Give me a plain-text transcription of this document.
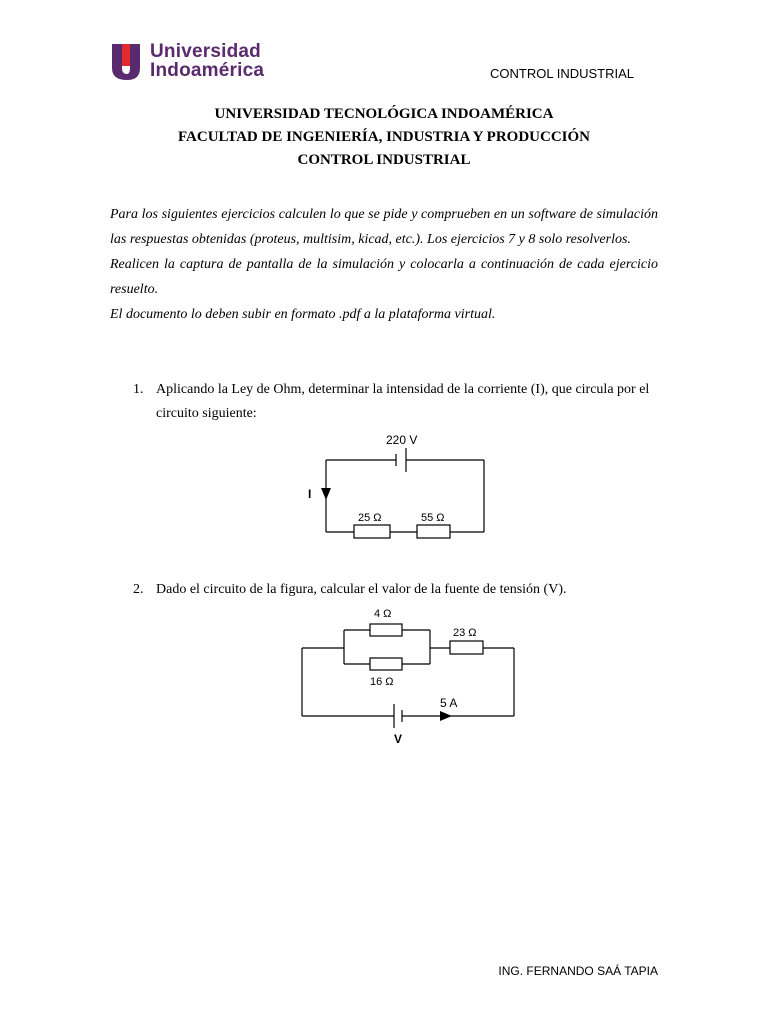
Universidad
Indoamérica	CONTROL INDUSTRIAL
UNIVERSIDAD TECNOLÓGICA INDOAMÉRICA
FACULTAD DE INGENIERÍA, INDUSTRIA Y PRODUCCIÓN
CONTROL INDUSTRIAL

Para los siguientes ejercicios calculen lo que se pide y comprueben en un software de simulación las respuestas obtenidas (proteus, multisim, kicad, etc.). Los ejercicios 7 y 8 solo resolverlos.

Realicen la captura de pantalla de la simulación y colocarla a continuación de cada ejercicio resuelto.

El documento lo deben subir en formato .pdf a la plataforma virtual.

1. Aplicando la Ley de Ohm, determinar la intensidad de la corriente (I), que circula por el circuito siguiente:
220 V
I
25 Ω	55 Ω
2. Dado el circuito de la figura, calcular el valor de la fuente de tensión (V).
4 Ω
16 Ω
23 Ω
5 A
V
ING. FERNANDO SAÁ TAPIA
